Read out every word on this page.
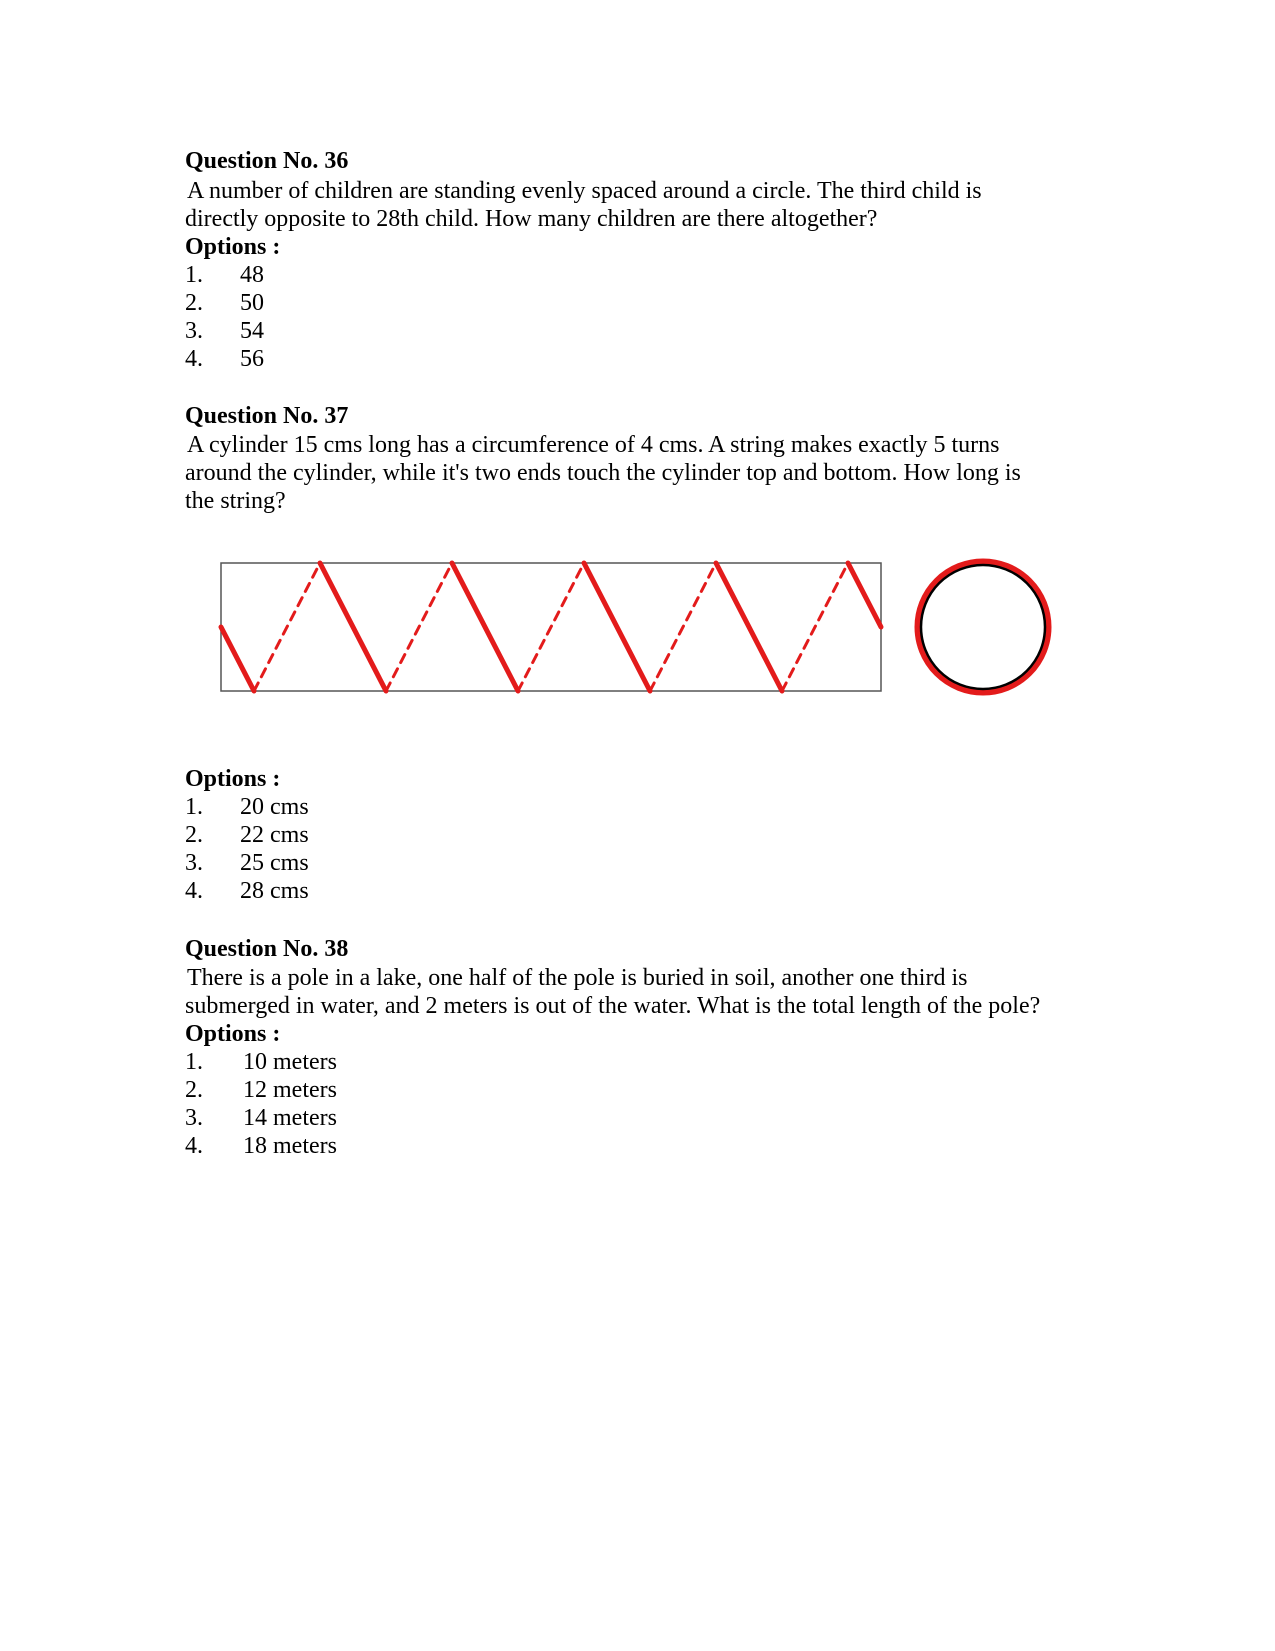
Question No. 36
A number of children are standing evenly spaced around a circle. The third child is
directly opposite to 28th child. How many children are there altogether?
Options :
1. 48
2. 50
3. 54
4. 56
Question No. 37
A cylinder 15 cms long has a circumference of 4 cms. A string makes exactly 5 turns
around the cylinder, while it's two ends touch the cylinder top and bottom. How long is
the string?
Options :
1. 20 cms
2. 22 cms
3. 25 cms
4. 28 cms
Question No. 38
There is a pole in a lake, one half of the pole is buried in soil, another one third is
submerged in water, and 2 meters is out of the water. What is the total length of the pole?
Options :
1. 10 meters
2. 12 meters
3. 14 meters
4. 18 meters
